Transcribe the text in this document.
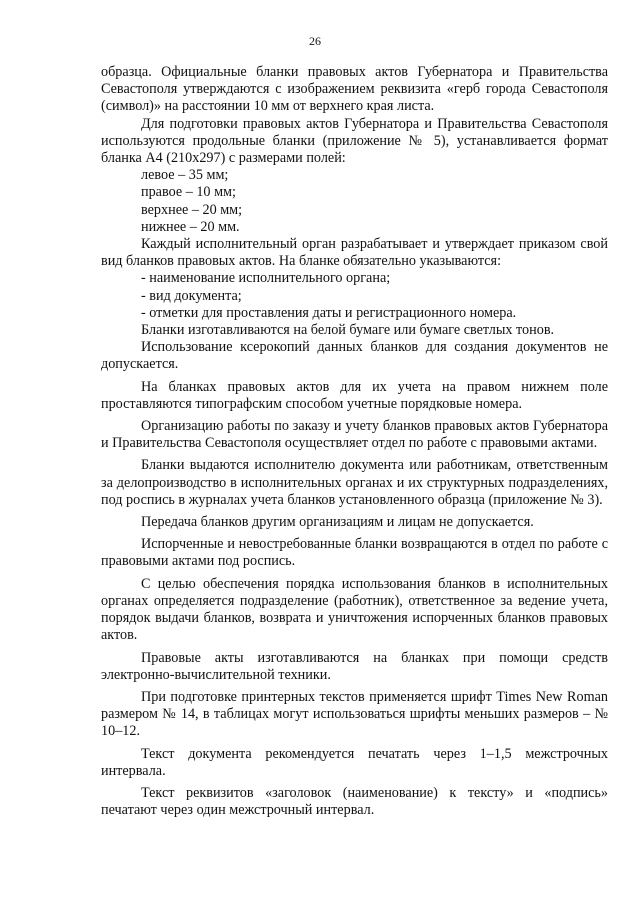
26

образца. Официальные бланки правовых актов Губернатора и Правительства Севастополя утверждаются с изображением реквизита «герб города Севастополя (символ)» на расстоянии 10 мм от верхнего края листа.

Для подготовки правовых актов Губернатора и Правительства Севастополя используются продольные бланки (приложение № 5), устанавливается формат бланка А4 (210х297) с размерами полей:

левое – 35 мм;
правое – 10 мм;
верхнее – 20 мм;
нижнее – 20 мм.

Каждый исполнительный орган разрабатывает и утверждает приказом свой вид бланков правовых актов. На бланке обязательно указываются:

- наименование исполнительного органа;
- вид документа;
- отметки для проставления даты и регистрационного номера.

Бланки изготавливаются на белой бумаге или бумаге светлых тонов.

Использование ксерокопий данных бланков для создания документов не допускается.

На бланках правовых актов для их учета на правом нижнем поле проставляются типографским способом учетные порядковые номера.

Организацию работы по заказу и учету бланков правовых актов Губернатора и Правительства Севастополя осуществляет отдел по работе с правовыми актами.

Бланки выдаются исполнителю документа или работникам, ответственным за делопроизводство в исполнительных органах и их структурных подразделениях, под роспись в журналах учета бланков установленного образца (приложение № 3).

Передача бланков другим организациям и лицам не допускается.

Испорченные и невостребованные бланки возвращаются в отдел по работе с правовыми актами под роспись.

С целью обеспечения порядка использования бланков в исполнительных органах определяется подразделение (работник), ответственное за ведение учета, порядок выдачи бланков, возврата и уничтожения испорченных бланков правовых актов.

Правовые акты изготавливаются на бланках при помощи средств электронно-вычислительной техники.

При подготовке принтерных текстов применяется шрифт Times New Roman размером № 14, в таблицах могут использоваться шрифты меньших размеров – № 10–12.

Текст документа рекомендуется печатать через 1–1,5 межстрочных интервала.

Текст реквизитов «заголовок (наименование) к тексту» и «подпись» печатают через один межстрочный интервал.
